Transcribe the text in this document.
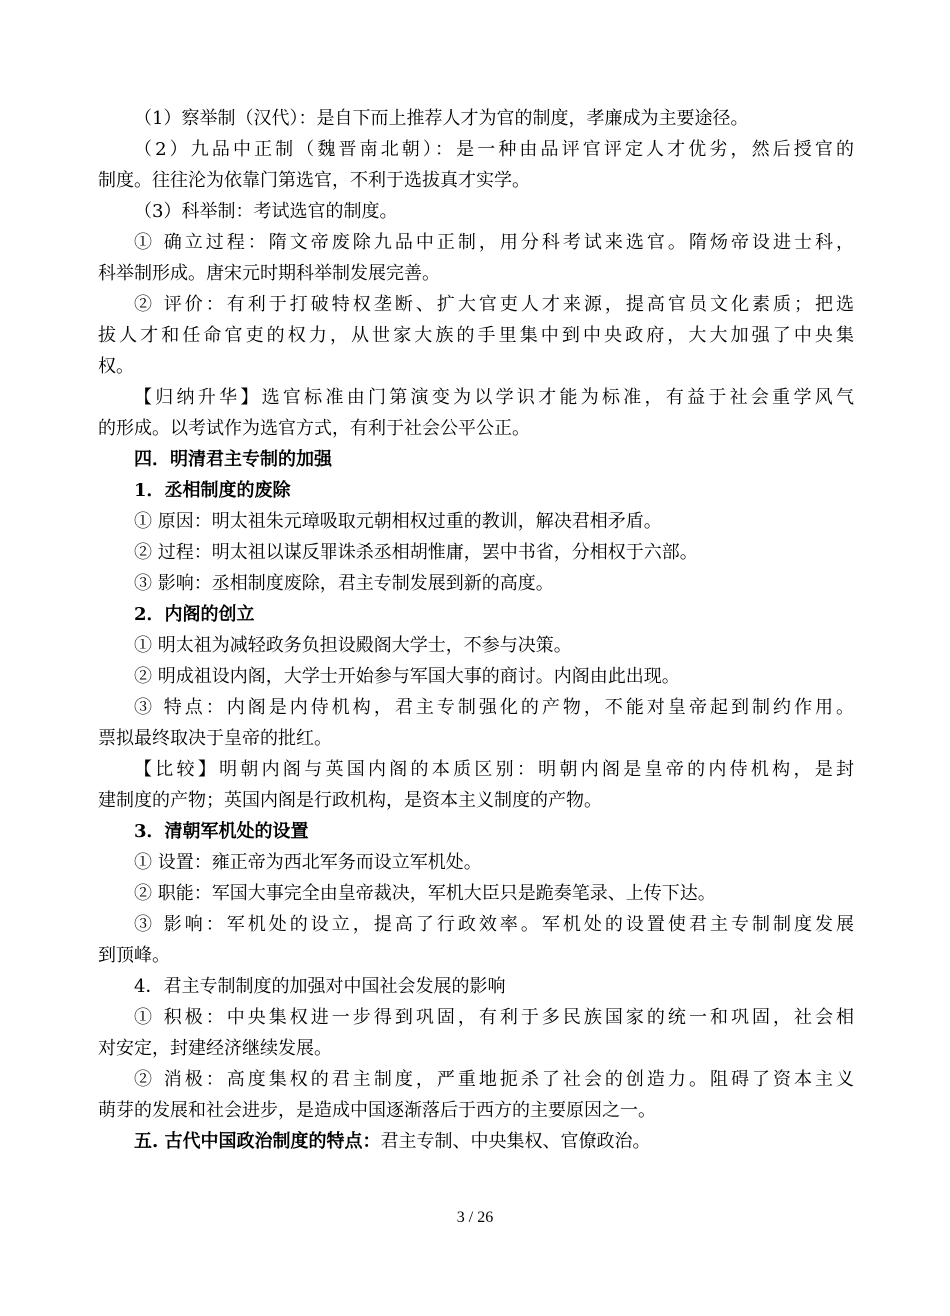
（1）察举制（汉代）：是自下而上推荐人才为官的制度，孝廉成为主要途径。
（2）九品中正制（魏晋南北朝）：是一种由品评官评定人才优劣，然后授官的
制度。往往沦为依靠门第选官，不利于选拔真才实学。
（3）科举制：考试选官的制度。
① 确立过程：隋文帝废除九品中正制，用分科考试来选官。隋炀帝设进士科，
科举制形成。唐宋元时期科举制发展完善。
② 评价：有利于打破特权垄断、扩大官吏人才来源，提高官员文化素质；把选
拔人才和任命官吏的权力，从世家大族的手里集中到中央政府，大大加强了中央集
权。
【归纳升华】选官标准由门第演变为以学识才能为标准，有益于社会重学风气
的形成。以考试作为选官方式，有利于社会公平公正。
四．明清君主专制的加强
1．丞相制度的废除
① 原因：明太祖朱元璋吸取元朝相权过重的教训，解决君相矛盾。
② 过程：明太祖以谋反罪诛杀丞相胡惟庸，罢中书省，分相权于六部。
③ 影响：丞相制度废除，君主专制发展到新的高度。
2．内阁的创立
① 明太祖为减轻政务负担设殿阁大学士，不参与决策。
② 明成祖设内阁，大学士开始参与军国大事的商讨。内阁由此出现。
③ 特点：内阁是内侍机构，君主专制强化的产物，不能对皇帝起到制约作用。
票拟最终取决于皇帝的批红。
【比较】明朝内阁与英国内阁的本质区别：明朝内阁是皇帝的内侍机构，是封
建制度的产物；英国内阁是行政机构，是资本主义制度的产物。
3．清朝军机处的设置
① 设置：雍正帝为西北军务而设立军机处。
② 职能：军国大事完全由皇帝裁决，军机大臣只是跪奏笔录、上传下达。
③ 影响：军机处的设立，提高了行政效率。军机处的设置使君主专制制度发展
到顶峰。
4．君主专制制度的加强对中国社会发展的影响
① 积极：中央集权进一步得到巩固，有利于多民族国家的统一和巩固，社会相
对安定，封建经济继续发展。
② 消极：高度集权的君主制度，严重地扼杀了社会的创造力。阻碍了资本主义
萌芽的发展和社会进步，是造成中国逐渐落后于西方的主要原因之一。
五. 古代中国政治制度的特点：君主专制、中央集权、官僚政治。
3 / 26
